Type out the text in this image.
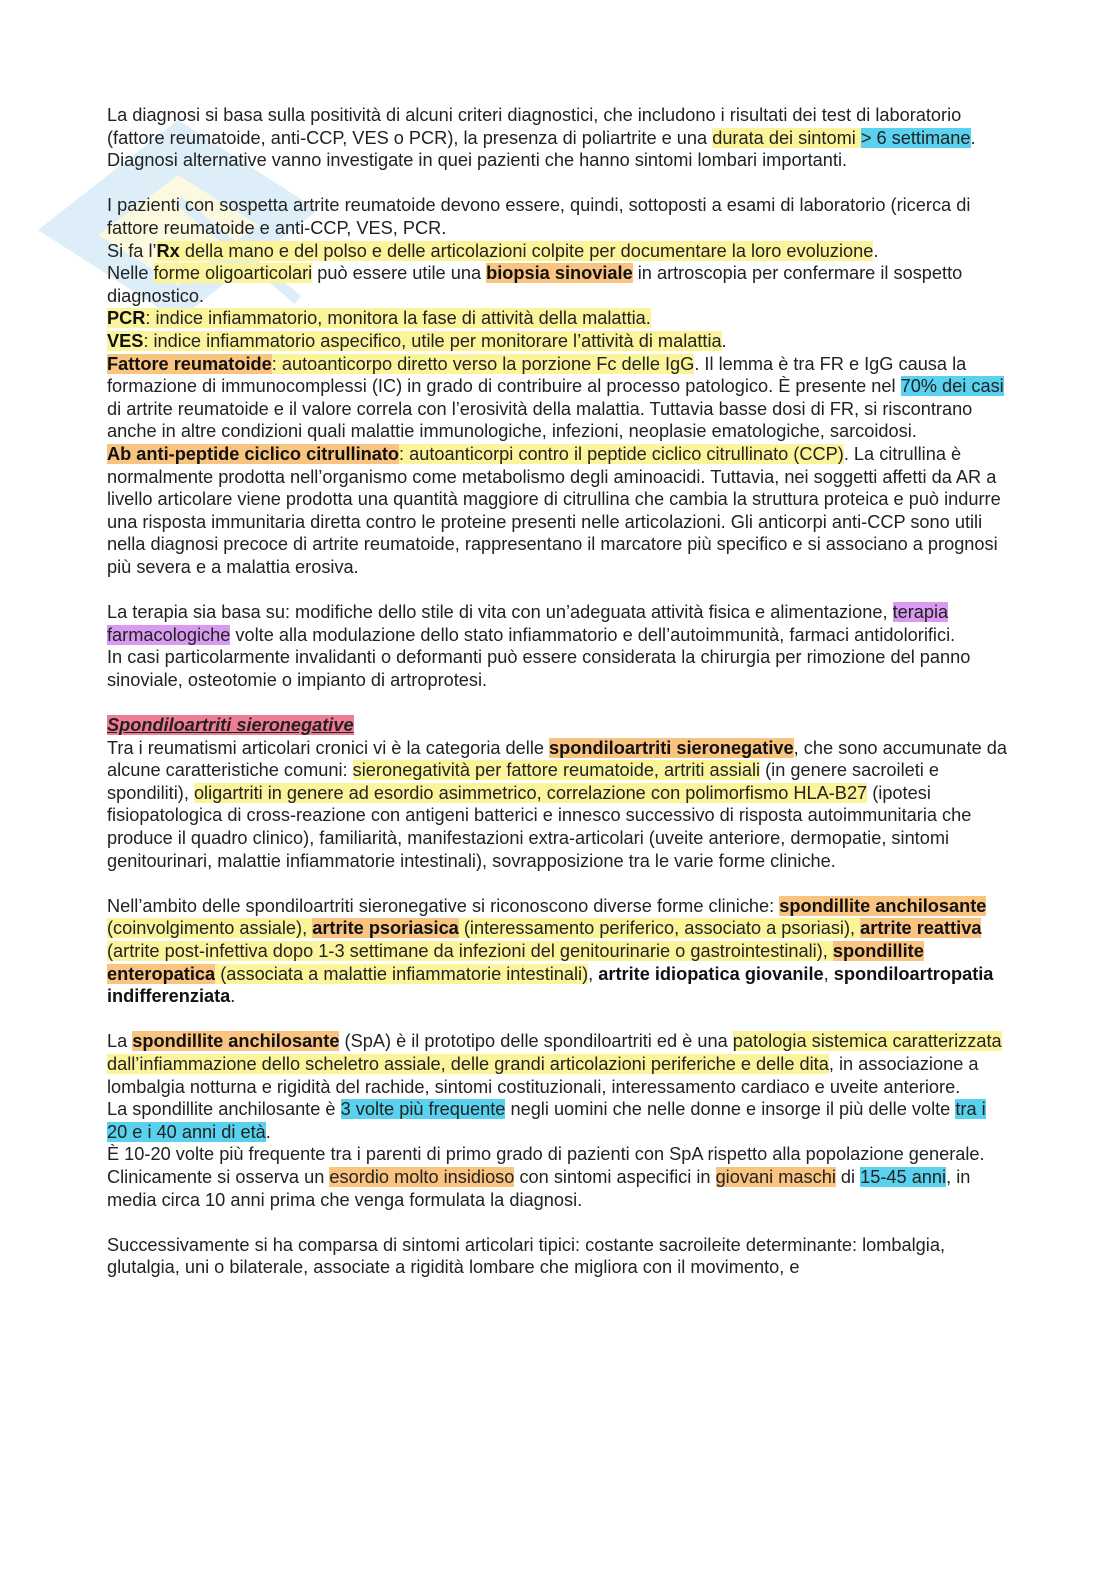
La diagnosi si basa sulla positività di alcuni criteri diagnostici, che includono i risultati dei test di laboratorio (fattore reumatoide, anti-CCP, VES o PCR), la presenza di poliartrite e una durata dei sintomi > 6 settimane.

Diagnosi alternative vanno investigate in quei pazienti che hanno sintomi lombari importanti.

I pazienti con sospetta artrite reumatoide devono essere, quindi, sottoposti a esami di laboratorio (ricerca di fattore reumatoide e anti-CCP, VES, PCR.

Si fa l’Rx della mano e del polso e delle articolazioni colpite per documentare la loro evoluzione.

Nelle forme oligoarticolari può essere utile una biopsia sinoviale in artroscopia per confermare il sospetto diagnostico.

PCR: indice infiammatorio, monitora la fase di attività della malattia.

VES: indice infiammatorio aspecifico, utile per monitorare l’attività di malattia.

Fattore reumatoide: autoanticorpo diretto verso la porzione Fc delle IgG. Il lemma è tra FR e IgG causa la formazione di immunocomplessi (IC) in grado di contribuire al processo patologico. È presente nel 70% dei casi di artrite reumatoide e il valore correla con l’erosività della malattia. Tuttavia basse dosi di FR, si riscontrano anche in altre condizioni quali malattie immunologiche, infezioni, neoplasie ematologiche, sarcoidosi.

Ab anti-peptide ciclico citrullinato: autoanticorpi contro il peptide ciclico citrullinato (CCP). La citrullina è normalmente prodotta nell’organismo come metabolismo degli aminoacidi. Tuttavia, nei soggetti affetti da AR a livello articolare viene prodotta una quantità maggiore di citrullina che cambia la struttura proteica e può indurre una risposta immunitaria diretta contro le proteine presenti nelle articolazioni. Gli anticorpi anti-CCP sono utili nella diagnosi precoce di artrite reumatoide, rappresentano il marcatore più specifico e si associano a prognosi più severa e a malattia erosiva.

La terapia sia basa su: modifiche dello stile di vita con un’adeguata attività fisica e alimentazione, terapia farmacologiche volte alla modulazione dello stato infiammatorio e dell’autoimmunità, farmaci antidolorifici.

In casi particolarmente invalidanti o deformanti può essere considerata la chirurgia per rimozione del panno sinoviale, osteotomie o impianto di artroprotesi.

Spondiloartriti sieronegative

Tra i reumatismi articolari cronici vi è la categoria delle spondiloartriti sieronegative, che sono accumunate da alcune caratteristiche comuni: sieronegatività per fattore reumatoide, artriti assiali (in genere sacroileti e spondiliti), oligartriti in genere ad esordio asimmetrico, correlazione con polimorfismo HLA-B27 (ipotesi fisiopatologica di cross-reazione con antigeni batterici e innesco successivo di risposta autoimmunitaria che produce il quadro clinico), familiarità, manifestazioni extra-articolari (uveite anteriore, dermopatie, sintomi genitourinari, malattie infiammatorie intestinali), sovrapposizione tra le varie forme cliniche.

Nell’ambito delle spondiloartriti sieronegative si riconoscono diverse forme cliniche: spondillite anchilosante (coinvolgimento assiale), artrite psoriasica (interessamento periferico, associato a psoriasi), artrite reattiva (artrite post-infettiva dopo 1-3 settimane da infezioni del genitourinarie o gastrointestinali), spondillite enteropatica (associata a malattie infiammatorie intestinali), artrite idiopatica giovanile, spondiloartropatia indifferenziata.

La spondillite anchilosante (SpA) è il prototipo delle spondiloartriti ed è una patologia sistemica caratterizzata dall’infiammazione dello scheletro assiale, delle grandi articolazioni periferiche e delle dita, in associazione a lombalgia notturna e rigidità del rachide, sintomi costituzionali, interessamento cardiaco e uveite anteriore.

La spondillite anchilosante è 3 volte più frequente negli uomini che nelle donne e insorge il più delle volte tra i 20 e i 40 anni di età.

È 10-20 volte più frequente tra i parenti di primo grado di pazienti con SpA rispetto alla popolazione generale.

Clinicamente si osserva un esordio molto insidioso con sintomi aspecifici in giovani maschi di 15-45 anni, in media circa 10 anni prima che venga formulata la diagnosi.

Successivamente si ha comparsa di sintomi articolari tipici: costante sacroileite determinante: lombalgia, glutalgia, uni o bilaterale, associate a rigidità lombare che migliora con il movimento, e
